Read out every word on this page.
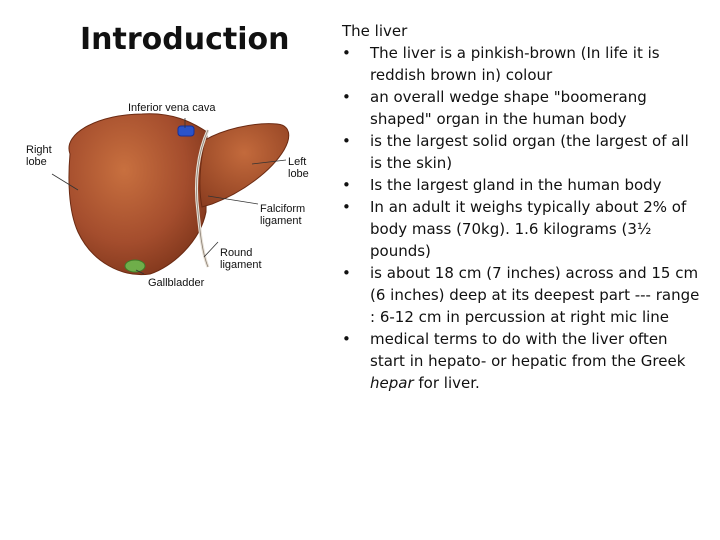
Introduction
Inferior vena cava
Right
lobe	Left
lobe
Falciform
ligament
Round
ligament
Gallbladder
The liver
•	The liver is a pinkish-brown (In life it is reddish brown in) colour
•	an overall wedge shape "boomerang shaped" organ in the human body
•	is the largest solid organ (the largest of all is the skin)
•	Is the largest gland in the human body
•	In an adult it weighs typically about 2% of body mass (70kg). 1.6 kilograms (3½ pounds)
•	is about 18 cm (7 inches) across and 15 cm (6 inches) deep at its deepest part --- range : 6-12 cm in percussion at right mic line
•	medical terms to do with the liver often start in hepato- or hepatic from the Greek hepar for liver.
